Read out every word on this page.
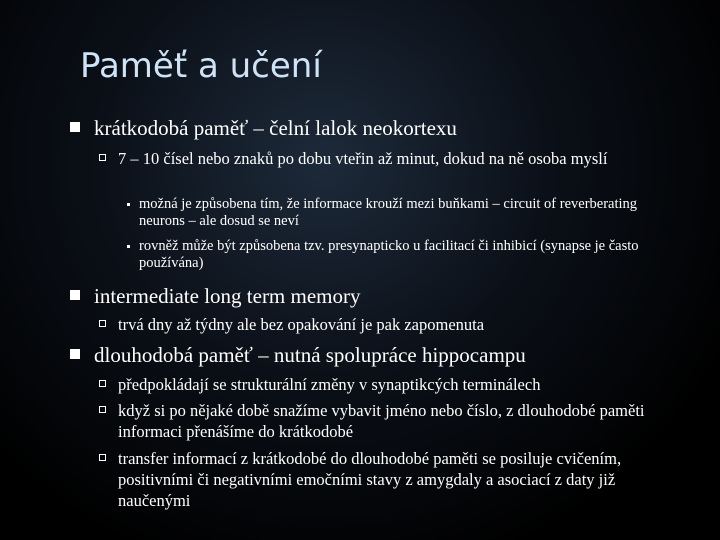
Paměť a učení
krátkodobá paměť – čelní lalok neokortexu
7 – 10 čísel nebo znaků po dobu vteřin až minut, dokud na ně osoba myslí
možná je způsobena tím, že informace krouží mezi buňkami – circuit of reverberating neurons – ale dosud se neví
rovněž může být způsobena tzv. presynapticko u facilitací či inhibicí (synapse je často používána)
intermediate long term memory
trvá dny až týdny ale bez opakování je pak zapomenuta
dlouhodobá paměť – nutná spolupráce hippocampu
předpokládají se strukturální změny v synaptikcých terminálech
když si po nějaké době snažíme vybavit jméno nebo číslo, z dlouhodobé paměti informaci přenášíme do krátkodobé
transfer informací z krátkodobé do dlouhodobé paměti se posiluje cvičením, positivními či negativními emočními stavy z amygdaly a asociací z daty již naučenými
